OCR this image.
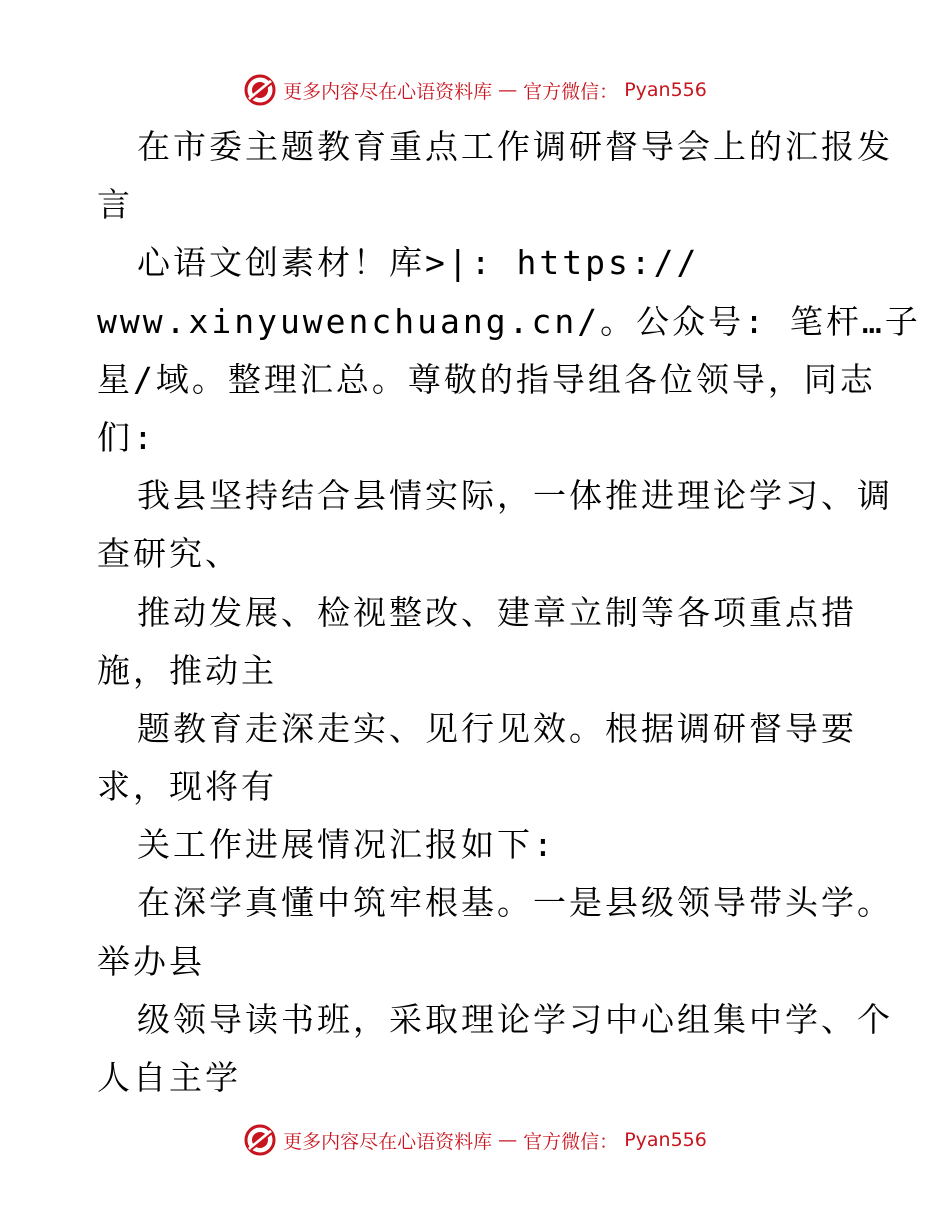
更多内容尽在心语资料库 — 官方微信： Pyan556
在市委主题教育重点工作调研督导会上的汇报发
言
心语文创素材！库>|: https://
www.xinyuwenchuang.cn/。公众号: 笔杆…子
星/域。整理汇总。尊敬的指导组各位领导，同志
们:
我县坚持结合县情实际，一体推进理论学习、调
查研究、
推动发展、检视整改、建章立制等各项重点措
施，推动主
题教育走深走实、见行见效。根据调研督导要
求，现将有
关工作进展情况汇报如下:
在深学真懂中筑牢根基。一是县级领导带头学。
举办县
级领导读书班，采取理论学习中心组集中学、个
人自主学
更多内容尽在心语资料库 — 官方微信： Pyan556
